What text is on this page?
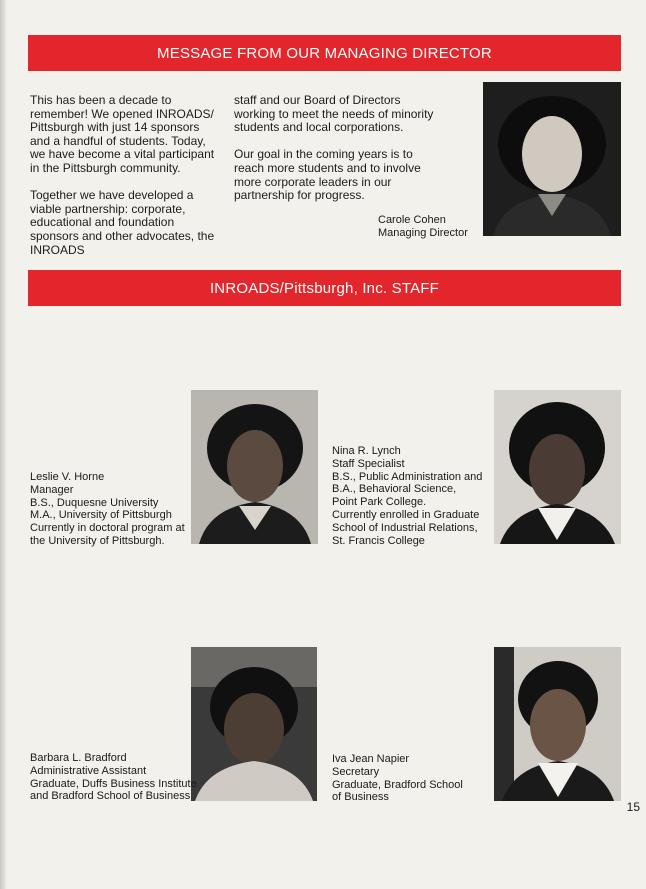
MESSAGE FROM OUR MANAGING DIRECTOR

This has been a decade to remember! We opened INROADS/ Pittsburgh with just 14 sponsors and a handful of students. Today, we have become a vital participant in the Pittsburgh community.

Together we have developed a viable partnership: corporate, educational and foundation sponsors and other advocates, the INROADS

staff and our Board of Directors working to meet the needs of minority students and local corporations.

Our goal in the coming years is to reach more students and to involve more corporate leaders in our partnership for progress.

Carole Cohen
Managing Director
INROADS/Pittsburgh, Inc. STAFF
Leslie V. Horne
Manager
B.S., Duquesne University
M.A., University of Pittsburgh
Currently in doctoral program at
the University of Pittsburgh.
Nina R. Lynch
Staff Specialist
B.S., Public Administration and
B.A., Behavioral Science,
Point Park College.
Currently enrolled in Graduate
School of Industrial Relations,
St. Francis College
Barbara L. Bradford
Administrative Assistant
Graduate, Duffs Business Institute
and Bradford School of Business
Iva Jean Napier
Secretary
Graduate, Bradford School
of Business
15
